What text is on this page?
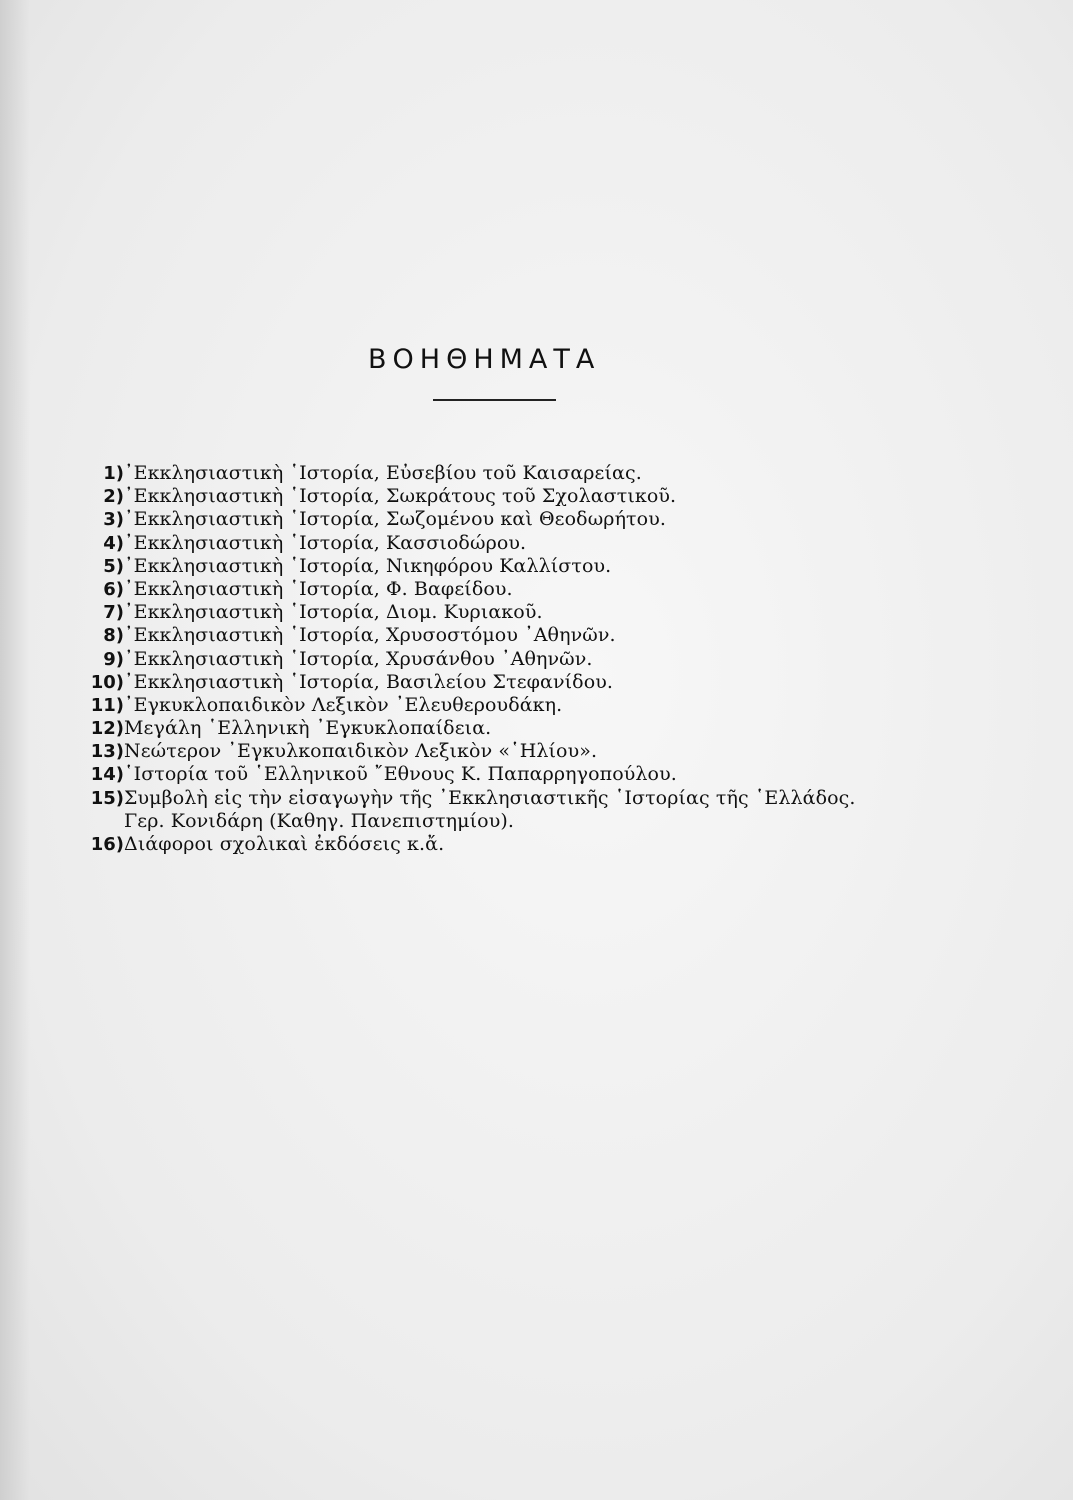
ΒΟΗΘΗΜΑΤΑ
1) ᾿Εκκλησιαστικὴ ῾Ιστορία, Εὐσεβίου τοῦ Καισαρείας.
2) ᾿Εκκλησιαστικὴ ῾Ιστορία, Σωκράτους τοῦ Σχολαστικοῦ.
3) ᾿Εκκλησιαστικὴ ῾Ιστορία, Σωζομένου καὶ Θεοδωρήτου.
4) ᾿Εκκλησιαστικὴ ῾Ιστορία, Κασσιοδώρου.
5) ᾿Εκκλησιαστικὴ ῾Ιστορία, Νικηφόρου Καλλίστου.
6) ᾿Εκκλησιαστικὴ ῾Ιστορία, Φ. Βαφείδου.
7) ᾿Εκκλησιαστικὴ ῾Ιστορία, Διομ. Κυριακοῦ.
8) ᾿Εκκλησιαστικὴ ῾Ιστορία, Χρυσοστόμου ᾿Αθηνῶν.
9) ᾿Εκκλησιαστικὴ ῾Ιστορία, Χρυσάνθου ᾿Αθηνῶν.
10) ᾿Εκκλησιαστικὴ ῾Ιστορία, Βασιλείου Στεφανίδου.
11) ᾿Εγκυκλοπαιδικὸν Λεξικὸν ᾿Ελευθερουδάκη.
12) Μεγάλη ῾Ελληνικὴ ᾿Εγκυκλοπαίδεια.
13) Νεώτερον ᾿Εγκυλκοπαιδικὸν Λεξικὸν «῾Ηλίου».
14) ῾Ιστορία τοῦ ῾Ελληνικοῦ ῎Εθνους Κ. Παπαρρηγοπούλου.
15) Συμβολὴ εἰς τὴν εἰσαγωγὴν τῆς ᾿Εκκλησιαστικῆς ῾Ιστορίας τῆς ῾Ελλάδος.
Γερ. Κονιδάρη (Καθηγ. Πανεπιστημίου).
16) Διάφοροι σχολικαὶ ἐκδόσεις κ.ἄ.
